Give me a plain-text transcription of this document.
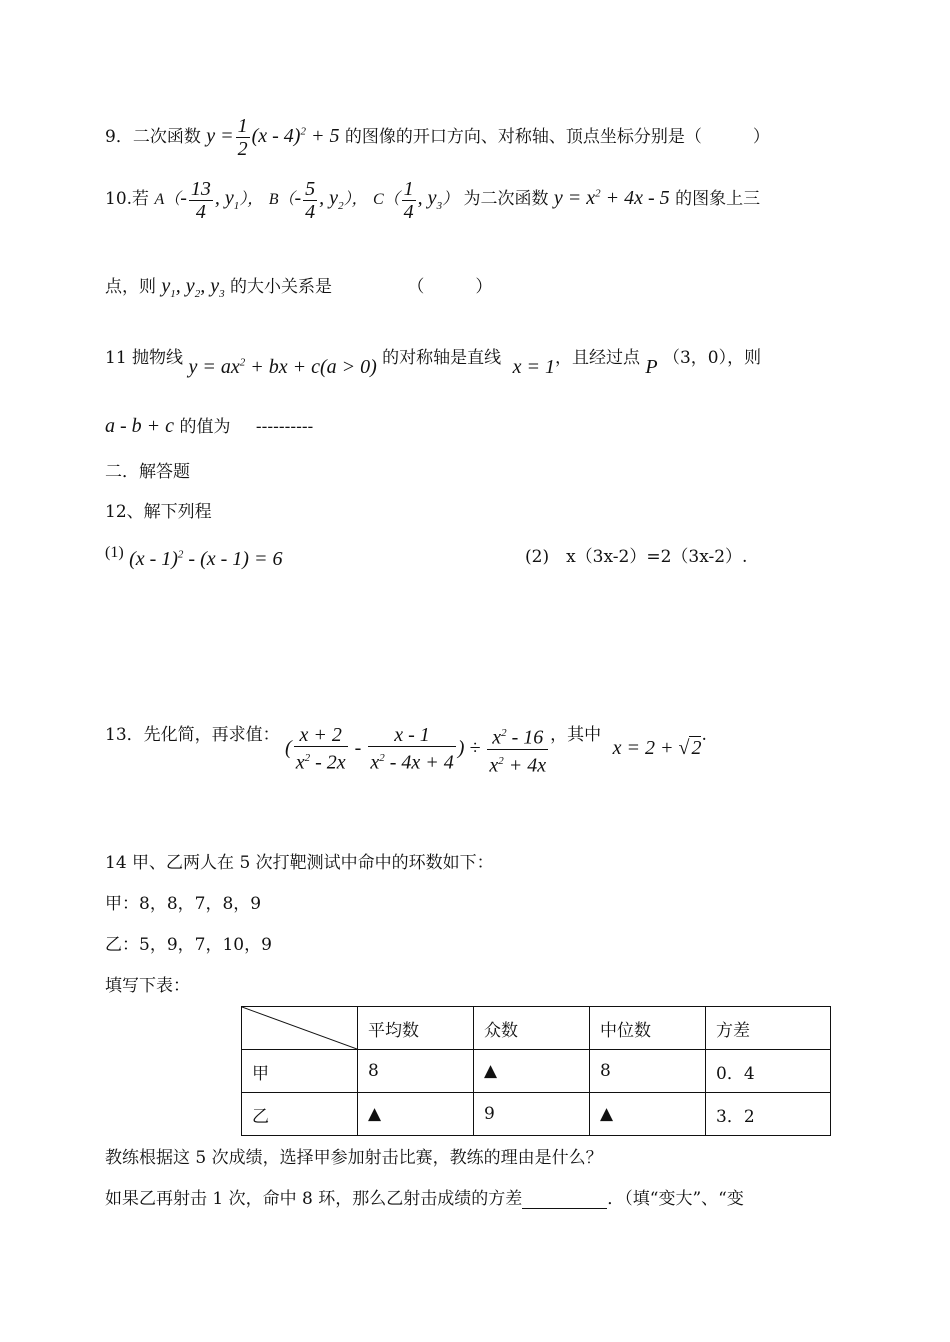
9．二次函数 $y = \frac{1}{2} (x - 4)^2 + 5$ 的图像的开口方向、对称轴、顶点坐标分别是（　　　）
10.若 $A(- \frac{13}{4}$ , $y_1$）， $B(- \frac{5}{4}$ , $y_2$）， $C( \frac{1}{4}$ , $y_3$） 为二次函数 $y = x^2 + 4x - 5$ 的图象上三
点，则 $y_1$, $y_2$, $y_3$ 的大小关系是	（　　　）
11 抛物线 $y = ax^2$ + bx + c(a > 0) 的对称轴是直线 x = 1，且经过点 P （3，0），则
a - b + c 的值为 ----------
二．解答题
12、解下列程
(1) (x - 1)$^2$ - (x - 1) = 6	(2)　x（3x-2）=2（3x-2）.
13．先化简，再求值： ( $\frac{x + 2}{x^2 - 2x} - \frac{x - 1}{x^2 - 4x + 4}$ ) ÷ $\frac{x^2 - 16}{x^2 + 4x}$ ，其中 x = 2 + √ 2.
14 甲、乙两人在 5 次打靶测试中命中的环数如下：
甲：8，8，7，8，9
乙：5，9，7，10，9
填写下表：
	平均数	众数	中位数	方差
甲	8	▲	8	0．4
乙	▲	9	▲	3．2
教练根据这 5 次成绩，选择甲参加射击比赛，教练的理由是什么？
如果乙再射击 1 次，命中 8 环，那么乙射击成绩的方差	．（填“变大”、“变
